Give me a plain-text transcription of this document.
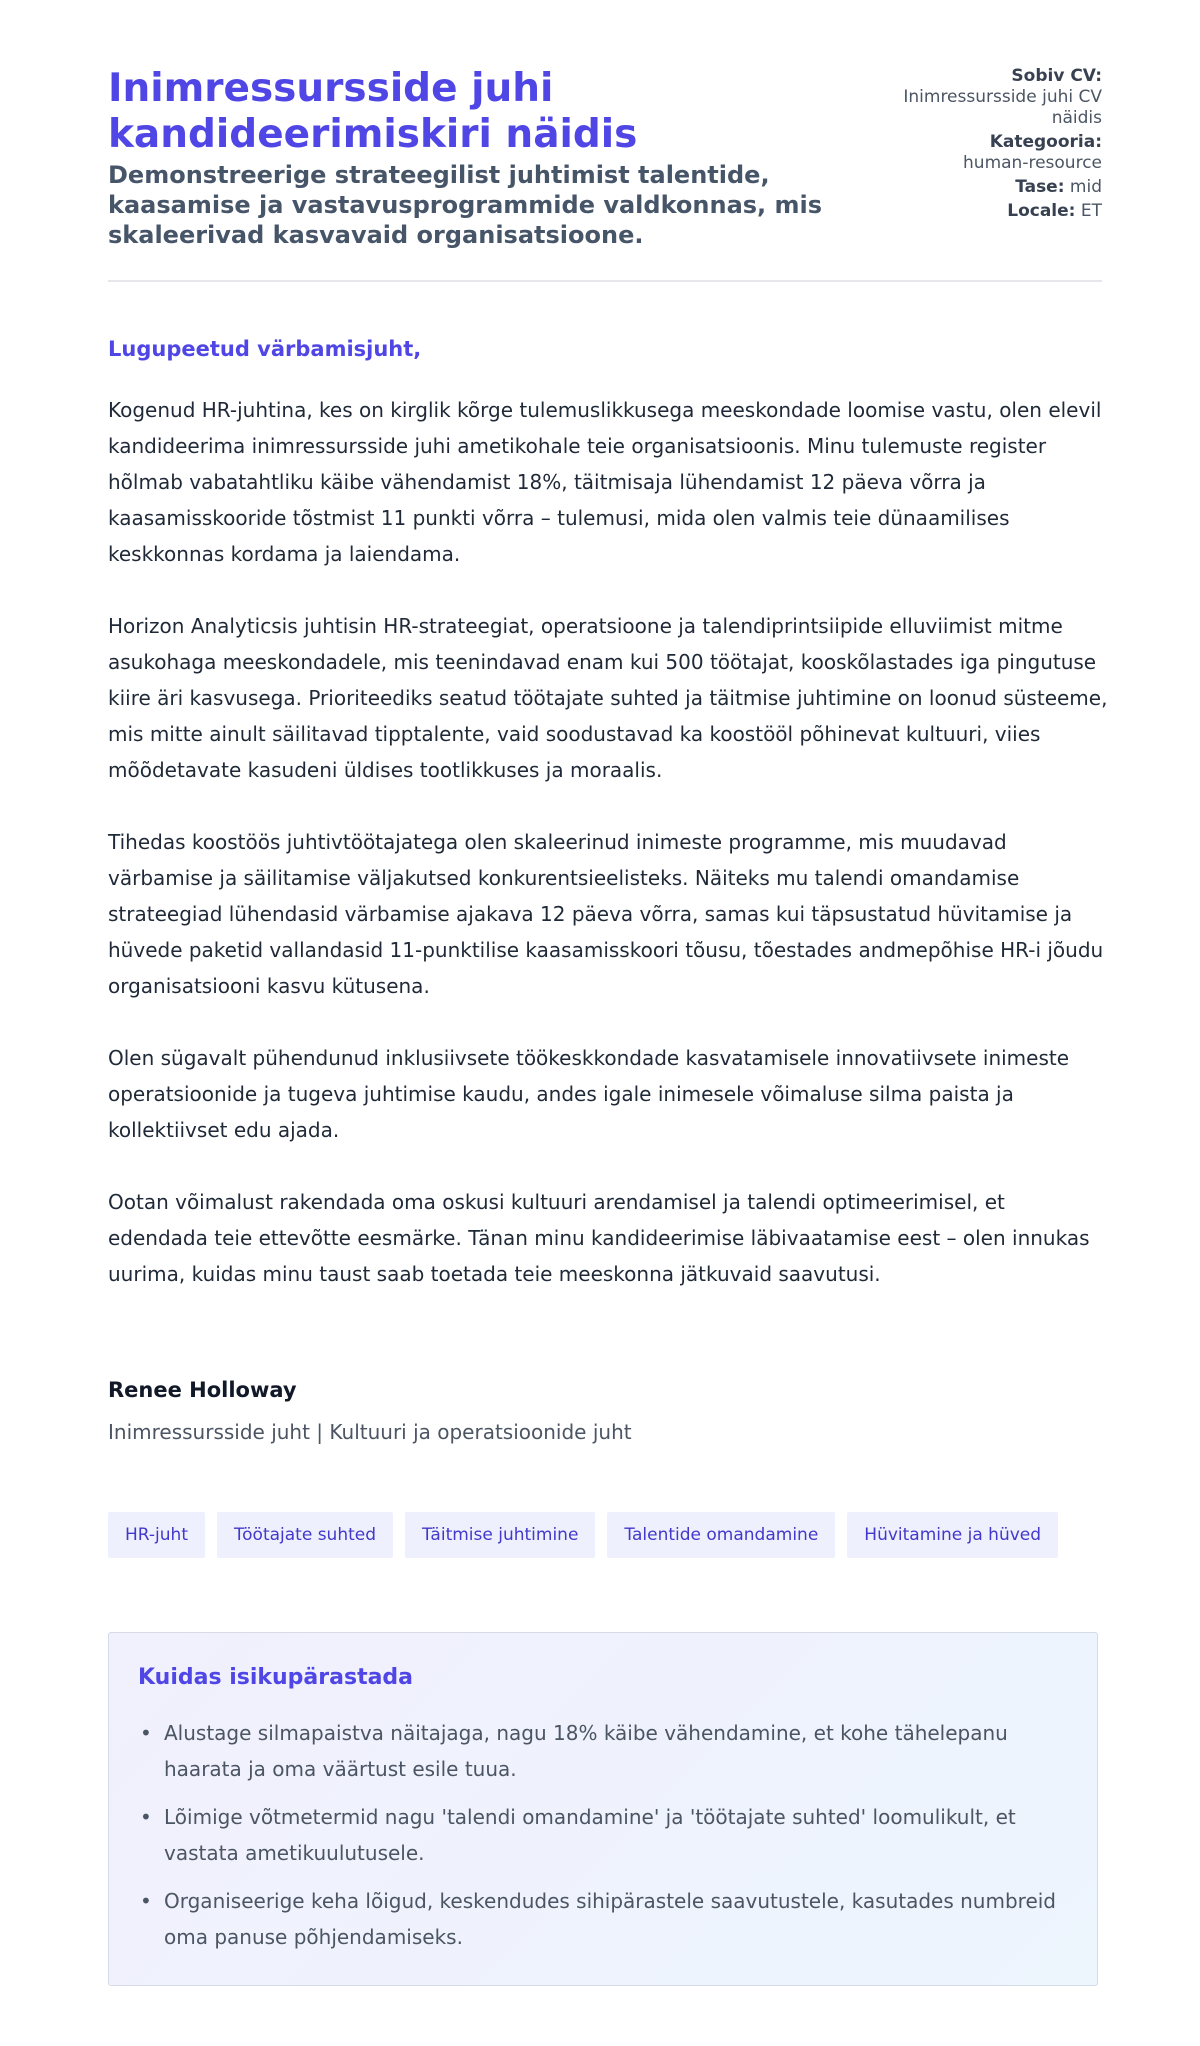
Inimressursside juhi kandideerimiskiri näidis
Demonstreerige strateegilist juhtimist talentide, kaasamise ja vastavusprogrammide valdkonnas, mis skaleerivad kasvavaid organisatsioone.
Sobiv CV:
Inimressursside juhi CV näidis
Kategooria:
human-resource
Tase: mid
Locale: ET

Lugupeetud värbamisjuht,

Kogenud HR-juhtina, kes on kirglik kõrge tulemuslikkusega meeskondade loomise vastu, olen elevil kandideerima inimressursside juhi ametikohale teie organisatsioonis. Minu tulemuste register hõlmab vabatahtliku käibe vähendamist 18%, täitmisaja lühendamist 12 päeva võrra ja kaasamisskooride tõstmist 11 punkti võrra – tulemusi, mida olen valmis teie dünaamilises keskkonnas kordama ja laiendama.

Horizon Analyticsis juhtisin HR-strateegiat, operatsioone ja talendiprintsiipide elluviimist mitme asukohaga meeskondadele, mis teenindavad enam kui 500 töötajat, kooskõlastades iga pingutuse kiire äri kasvusega. Prioriteediks seatud töötajate suhted ja täitmise juhtimine on loonud süsteeme, mis mitte ainult säilitavad tipptalente, vaid soodustavad ka koostööl põhinevat kultuuri, viies mõõdetavate kasudeni üldises tootlikkuses ja moraalis.

Tihedas koostöös juhtivtöötajatega olen skaleerinud inimeste programme, mis muudavad värbamise ja säilitamise väljakutsed konkurentsieelisteks. Näiteks mu talendi omandamise strateegiad lühendasid värbamise ajakava 12 päeva võrra, samas kui täpsustatud hüvitamise ja hüvede paketid vallandasid 11-punktilise kaasamisskoori tõusu, tõestades andmepõhise HR-i jõudu organisatsiooni kasvu kütusena.

Olen sügavalt pühendunud inklusiivsete töökeskkondade kasvatamisele innovatiivsete inimeste operatsioonide ja tugeva juhtimise kaudu, andes igale inimesele võimaluse silma paista ja kollektiivset edu ajada.

Ootan võimalust rakendada oma oskusi kultuuri arendamisel ja talendi optimeerimisel, et edendada teie ettevõtte eesmärke. Tänan minu kandideerimise läbivaatamise eest – olen innukas uurima, kuidas minu taust saab toetada teie meeskonna jätkuvaid saavutusi.

Renee Holloway

Inimressursside juht | Kultuuri ja operatsioonide juht

HR-juht	Töötajate suhted	Täitmise juhtimine	Talentide omandamine	Hüvitamine ja hüved
Kuidas isikupärastada
• Alustage silmapaistva näitajaga, nagu 18% käibe vähendamine, et kohe tähelepanu haarata ja oma väärtust esile tuua.
• Lõimige võtmetermid nagu 'talendi omandamine' ja 'töötajate suhted' loomulikult, et vastata ametikuulutusele.
• Organiseerige keha lõigud, keskendudes sihipärastele saavutustele, kasutades numbreid oma panuse põhjendamiseks.
